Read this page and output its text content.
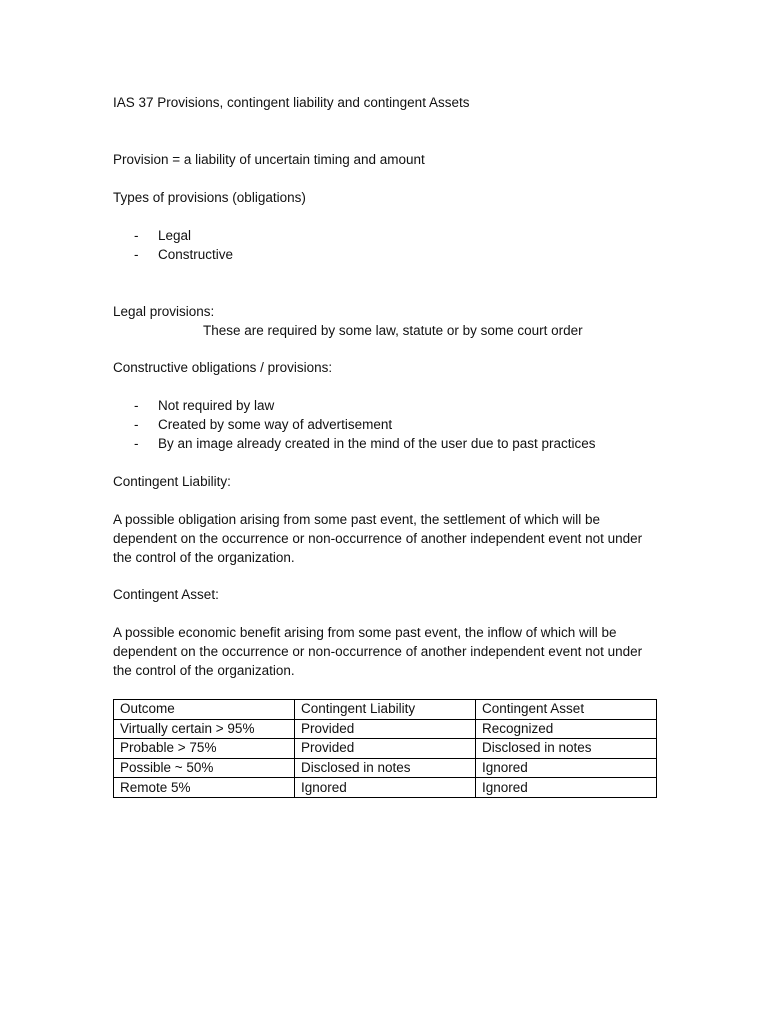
IAS 37 Provisions, contingent liability and contingent Assets
Provision = a liability of uncertain timing and amount
Types of provisions (obligations)
- Legal
- Constructive
Legal provisions:
These are required by some law, statute or by some court order
Constructive obligations / provisions:
- Not required by law
- Created by some way of advertisement
- By an image already created in the mind of the user due to past practices
Contingent Liability:
A possible obligation arising from some past event, the settlement of which will be dependent on the occurrence or non-occurrence of another independent event not under the control of the organization.
Contingent Asset:
A possible economic benefit arising from some past event, the inflow of which will be dependent on the occurrence or non-occurrence of another independent event not under the control of the organization.
Outcome	Contingent Liability	Contingent Asset
Virtually certain > 95%	Provided	Recognized
Probable > 75%	Provided	Disclosed in notes
Possible ~ 50%	Disclosed in notes	Ignored
Remote 5%	Ignored	Ignored
